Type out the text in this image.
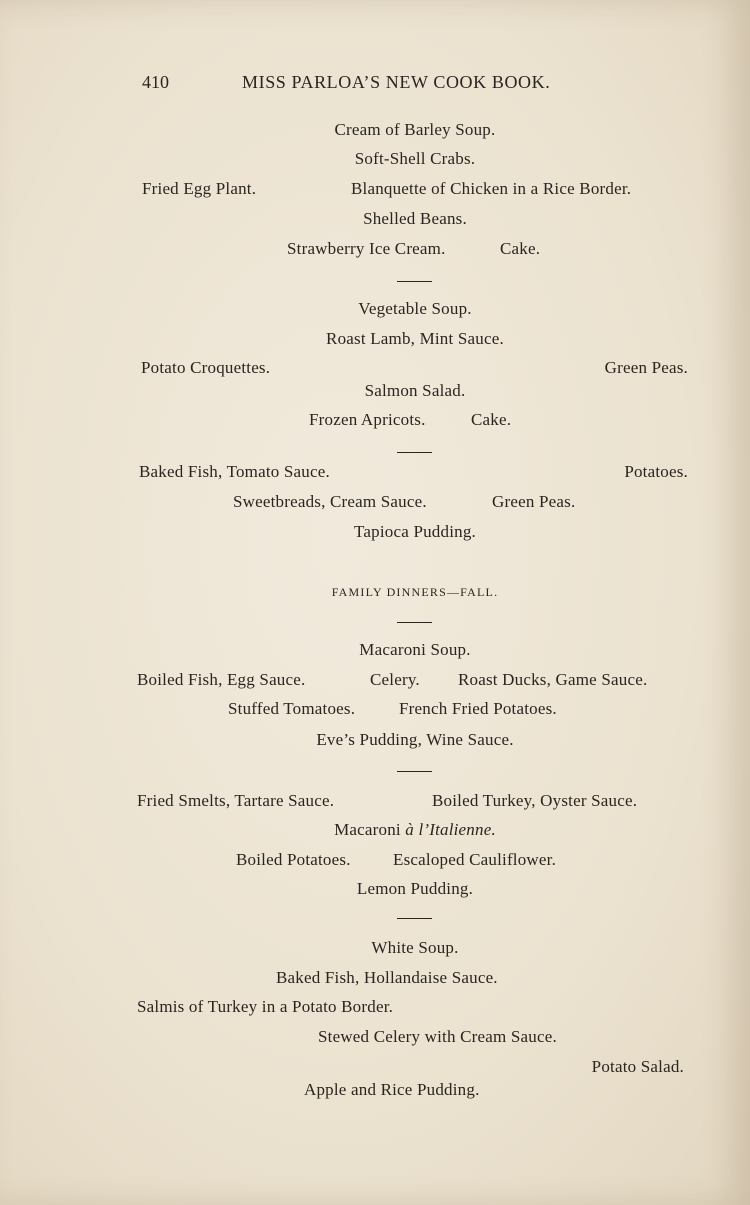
410	MISS PARLOA’S NEW COOK BOOK.
Cream of Barley Soup.
Soft-Shell Crabs.
Fried Egg Plant.	Blanquette of Chicken in a Rice Border.
Shelled Beans.
Strawberry Ice Cream.	Cake.
Vegetable Soup.
Roast Lamb, Mint Sauce.
Potato Croquettes.	Green Peas.
Salmon Salad.
Frozen Apricots.	Cake.
Baked Fish, Tomato Sauce.	Potatoes.
Sweetbreads, Cream Sauce.	Green Peas.
Tapioca Pudding.
FAMILY DINNERS—FALL.
Macaroni Soup.
Boiled Fish, Egg Sauce.	Celery. Roast Ducks, Game Sauce.
Stuffed Tomatoes.	French Fried Potatoes.
Eve’s Pudding, Wine Sauce.
Fried Smelts, Tartare Sauce.	Boiled Turkey, Oyster Sauce.
Macaroni à l’Italienne.
Boiled Potatoes. Escaloped Cauliflower.
Lemon Pudding.
White Soup.
Baked Fish, Hollandaise Sauce.
Salmis of Turkey in a Potato Border.
Stewed Celery with Cream Sauce.
Potato Salad.
Apple and Rice Pudding.
